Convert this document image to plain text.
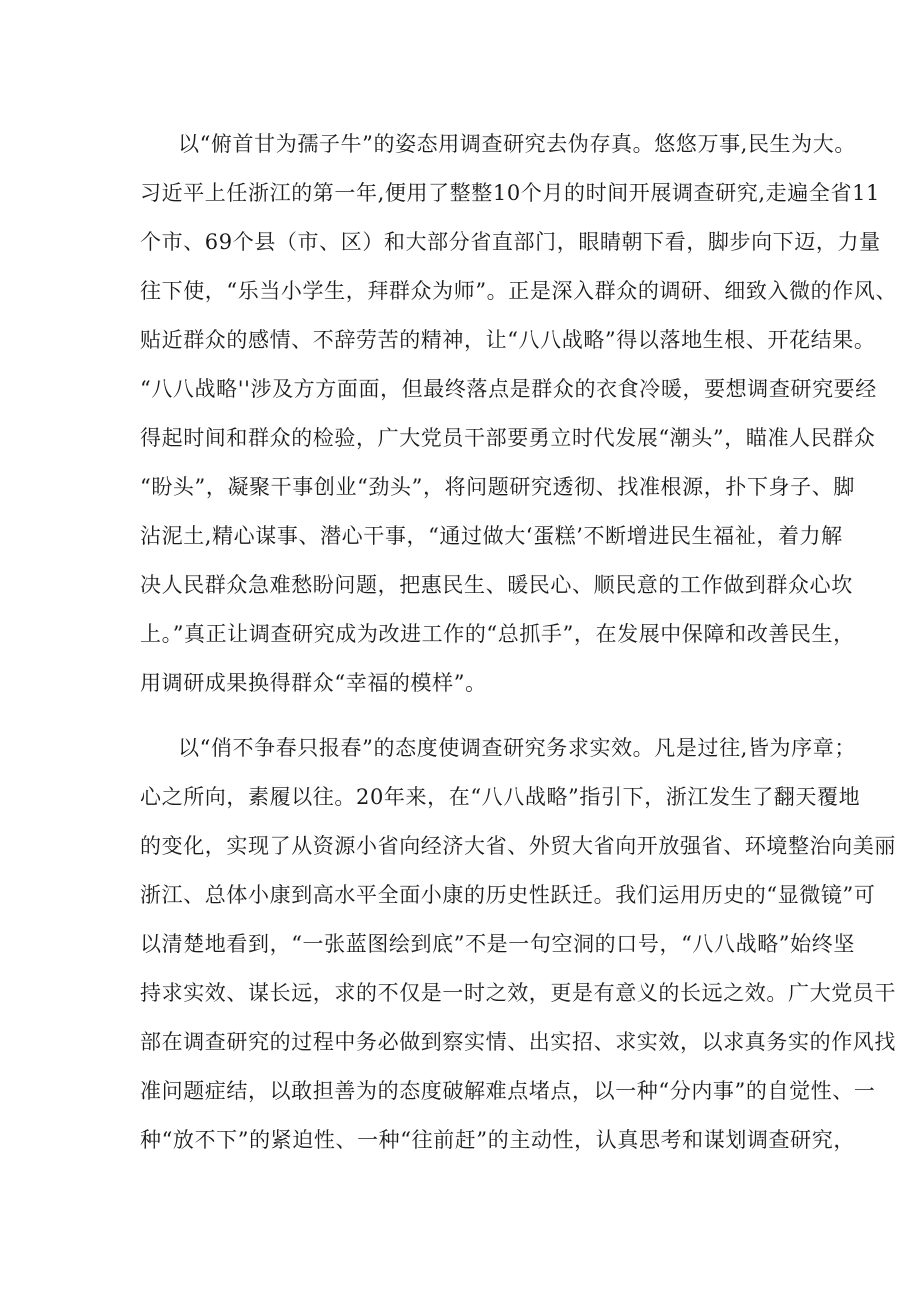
以“俯首甘为孺子牛”的姿态用调查研究去伪存真。悠悠万事,民生为大。
习近平上任浙江的第一年,便用了整整10个月的时间开展调查研究,走遍全省11
个市、69个县（市、区）和大部分省直部门，眼睛朝下看，脚步向下迈，力量
往下使，“乐当小学生，拜群众为师”。正是深入群众的调研、细致入微的作风、
贴近群众的感情、不辞劳苦的精神，让“八八战略”得以落地生根、开花结果。
“八八战略''涉及方方面面，但最终落点是群众的衣食冷暖，要想调查研究要经
得起时间和群众的检验，广大党员干部要勇立时代发展“潮头”，瞄准人民群众
“盼头”，凝聚干事创业“劲头”，将问题研究透彻、找准根源，扑下身子、脚
沾泥土,精心谋事、潜心干事，“通过做大‘蛋糕’不断增进民生福祉，着力解
决人民群众急难愁盼问题，把惠民生、暖民心、顺民意的工作做到群众心坎
上。”真正让调查研究成为改进工作的“总抓手”，在发展中保障和改善民生，
用调研成果换得群众“幸福的模样”。
以“俏不争春只报春”的态度使调查研究务求实效。凡是过往,皆为序章；
心之所向，素履以往。20年来，在“八八战略”指引下，浙江发生了翻天覆地
的变化，实现了从资源小省向经济大省、外贸大省向开放强省、环境整治向美丽
浙江、总体小康到高水平全面小康的历史性跃迁。我们运用历史的“显微镜”可
以清楚地看到，“一张蓝图绘到底”不是一句空洞的口号，“八八战略”始终坚
持求实效、谋长远，求的不仅是一时之效，更是有意义的长远之效。广大党员干
部在调查研究的过程中务必做到察实情、出实招、求实效，以求真务实的作风找
准问题症结，以敢担善为的态度破解难点堵点，以一种“分内事”的自觉性、一
种“放不下”的紧迫性、一种“往前赶”的主动性，认真思考和谋划调查研究，
